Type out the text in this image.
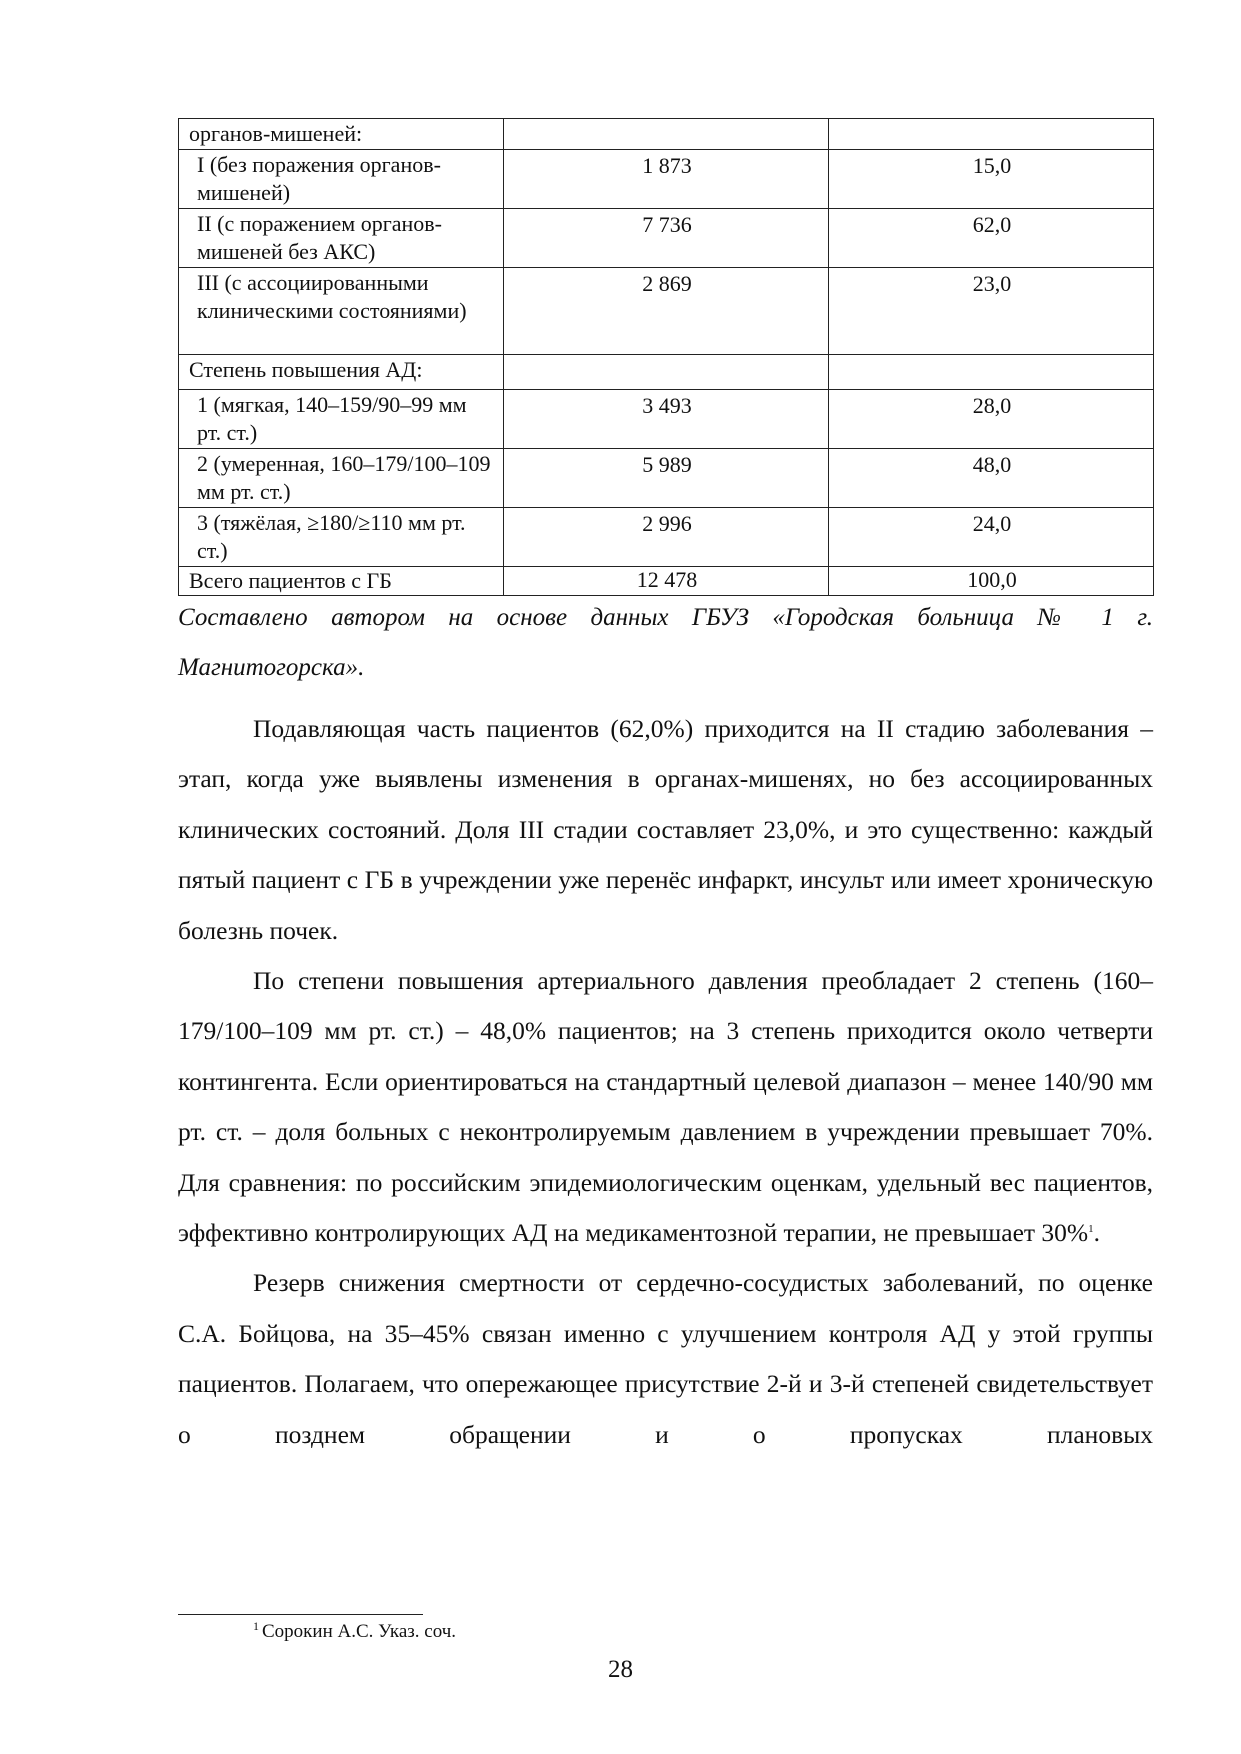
органов-мишеней:		
I (без поражения органов-мишеней)	1 873	15,0
II (с поражением органов-мишеней без АКС)	7 736	62,0
III (с ассоциированными клиническими состояниями)	2 869	23,0
Степень повышения АД:		
1 (мягкая, 140–159/90–99 мм рт. ст.)	3 493	28,0
2 (умеренная, 160–179/100–109 мм рт. ст.)	5 989	48,0
3 (тяжёлая, ≥180/≥110 мм рт. ст.)	2 996	24,0
Всего пациентов с ГБ	12 478	100,0

Составлено автором на основе данных ГБУЗ «Городская больница № 1 г. Магнитогорска».

Подавляющая часть пациентов (62,0%) приходится на II стадию заболевания – этап, когда уже выявлены изменения в органах-мишенях, но без ассоциированных клинических состояний. Доля III стадии составляет 23,0%, и это существенно: каждый пятый пациент с ГБ в учреждении уже перенёс инфаркт, инсульт или имеет хроническую болезнь почек.

По степени повышения артериального давления преобладает 2 степень (160–179/100–109 мм рт. ст.) – 48,0% пациентов; на 3 степень приходится около четверти контингента. Если ориентироваться на стандартный целевой диапазон – менее 140/90 мм рт. ст. – доля больных с неконтролируемым давлением в учреждении превышает 70%. Для сравнения: по российским эпидемиологическим оценкам, удельный вес пациентов, эффективно контролирующих АД на медикаментозной терапии, не превышает 30%$^1$.

Резерв снижения смертности от сердечно-сосудистых заболеваний, по оценке С.А. Бойцова, на 35–45% связан именно с улучшением контроля АД у этой группы пациентов. Полагаем, что опережающее присутствие 2-й и 3-й степеней свидетельствует о позднем обращении и о пропусках плановых

$^1$ Сорокин А.С. Указ. соч.
28
